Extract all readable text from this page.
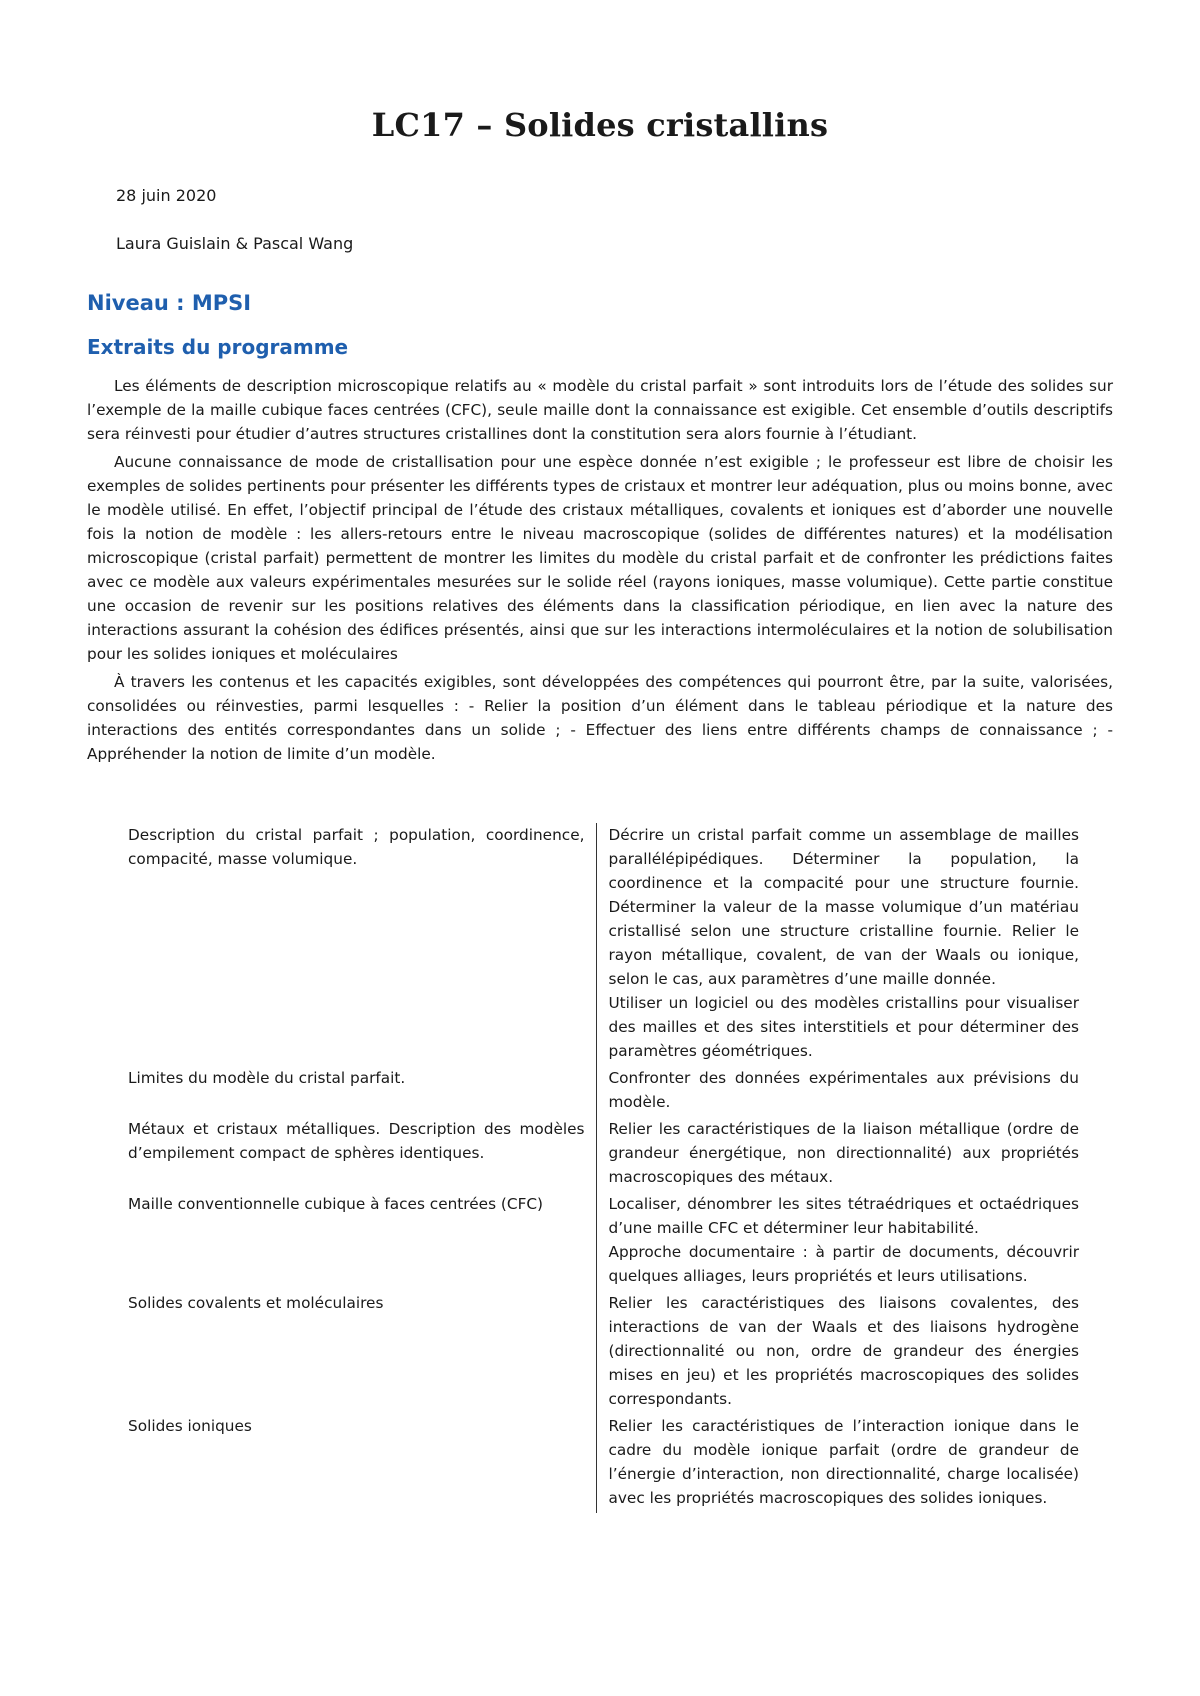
LC17 – Solides cristallins
28 juin 2020
Laura Guislain & Pascal Wang
Niveau : MPSI
Extraits du programme

Les éléments de description microscopique relatifs au « modèle du cristal parfait » sont introduits lors de l’étude des solides sur l’exemple de la maille cubique faces centrées (CFC), seule maille dont la connaissance est exigible. Cet ensemble d’outils descriptifs sera réinvesti pour étudier d’autres structures cristallines dont la constitution sera alors fournie à l’étudiant.

Aucune connaissance de mode de cristallisation pour une espèce donnée n’est exigible ; le professeur est libre de choisir les exemples de solides pertinents pour présenter les différents types de cristaux et montrer leur adéquation, plus ou moins bonne, avec le modèle utilisé. En effet, l’objectif principal de l’étude des cristaux métalliques, covalents et ioniques est d’aborder une nouvelle fois la notion de modèle : les allers-retours entre le niveau macroscopique (solides de différentes natures) et la modélisation microscopique (cristal parfait) permettent de montrer les limites du modèle du cristal parfait et de confronter les prédictions faites avec ce modèle aux valeurs expérimentales mesurées sur le solide réel (rayons ioniques, masse volumique). Cette partie constitue une occasion de revenir sur les positions relatives des éléments dans la classification périodique, en lien avec la nature des interactions assurant la cohésion des édifices présentés, ainsi que sur les interactions intermoléculaires et la notion de solubilisation pour les solides ioniques et moléculaires

À travers les contenus et les capacités exigibles, sont développées des compétences qui pourront être, par la suite, valorisées, consolidées ou réinvesties, parmi lesquelles : - Relier la position d’un élément dans le tableau périodique et la nature des interactions des entités correspondantes dans un solide ; - Effectuer des liens entre différents champs de connaissance ; - Appréhender la notion de limite d’un modèle.

Description du cristal parfait ; population, coordinence, compacité, masse volumique.	Décrire un cristal parfait comme un assemblage de mailles parallélépipédiques. Déterminer la population, la coordinence et la compacité pour une structure fournie. Déterminer la valeur de la masse volumique d’un matériau cristallisé selon une structure cristalline fournie. Relier le rayon métallique, covalent, de van der Waals ou ionique, selon le cas, aux paramètres d’une maille donnée.
Utiliser un logiciel ou des modèles cristallins pour visualiser des mailles et des sites interstitiels et pour déterminer des paramètres géométriques.

Limites du modèle du cristal parfait.	Confronter des données expérimentales aux prévisions du modèle.

Métaux et cristaux métalliques. Description des modèles d’empilement compact de sphères identiques.	Relier les caractéristiques de la liaison métallique (ordre de grandeur énergétique, non directionnalité) aux propriétés macroscopiques des métaux.

Maille conventionnelle cubique à faces centrées (CFC)	Localiser, dénombrer les sites tétraédriques et octaédriques d’une maille CFC et déterminer leur habitabilité.
Approche documentaire : à partir de documents, découvrir quelques alliages, leurs propriétés et leurs utilisations.

Solides covalents et moléculaires	Relier les caractéristiques des liaisons covalentes, des interactions de van der Waals et des liaisons hydrogène (directionnalité ou non, ordre de grandeur des énergies mises en jeu) et les propriétés macroscopiques des solides correspondants.

Solides ioniques	Relier les caractéristiques de l’interaction ionique dans le cadre du modèle ionique parfait (ordre de grandeur de l’énergie d’interaction, non directionnalité, charge localisée) avec les propriétés macroscopiques des solides ioniques.
